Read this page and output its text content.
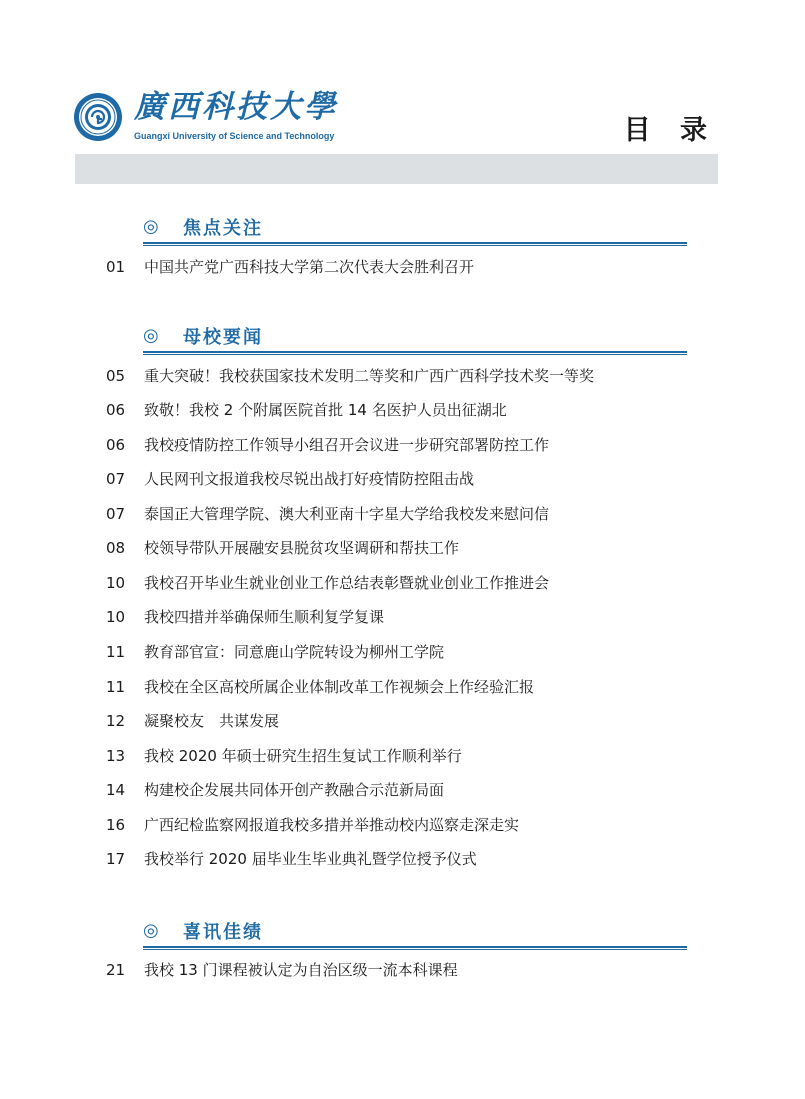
廣西科技大學
Guangxi University of Science and Technology	目 录
◎ 焦点关注
01	中国共产党广西科技大学第二次代表大会胜利召开
◎ 母校要闻
05	重大突破！我校获国家技术发明二等奖和广西广西科学技术奖一等奖
06	致敬！我校 2 个附属医院首批 14 名医护人员出征湖北
06	我校疫情防控工作领导小组召开会议进一步研究部署防控工作
07	人民网刊文报道我校尽锐出战打好疫情防控阻击战
07	泰国正大管理学院、澳大利亚南十字星大学给我校发来慰问信
08	校领导带队开展融安县脱贫攻坚调研和帮扶工作
10	我校召开毕业生就业创业工作总结表彰暨就业创业工作推进会
10	我校四措并举确保师生顺利复学复课
11	教育部官宣：同意鹿山学院转设为柳州工学院
11	我校在全区高校所属企业体制改革工作视频会上作经验汇报
12	凝聚校友　共谋发展
13	我校 2020 年硕士研究生招生复试工作顺利举行
14	构建校企发展共同体开创产教融合示范新局面
16	广西纪检监察网报道我校多措并举推动校内巡察走深走实
17	我校举行 2020 届毕业生毕业典礼暨学位授予仪式
◎ 喜讯佳绩
21	我校 13 门课程被认定为自治区级一流本科课程
